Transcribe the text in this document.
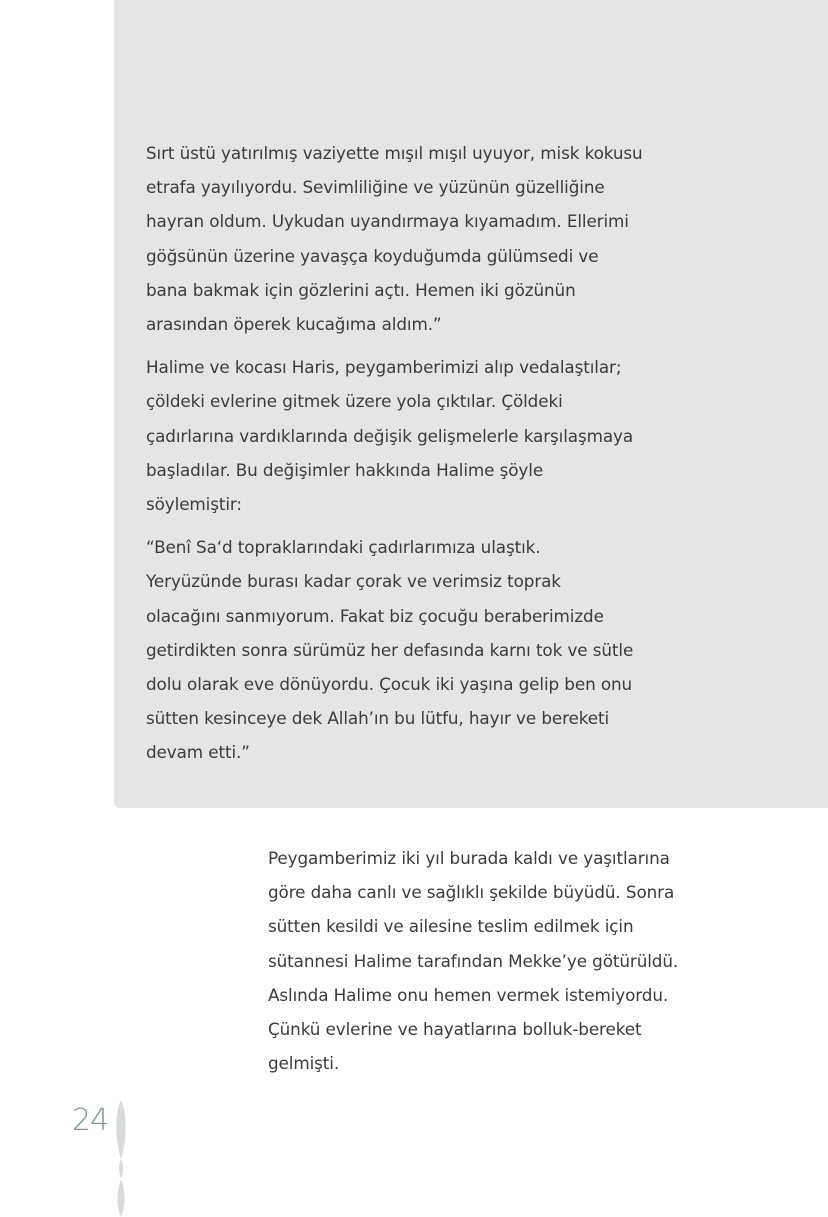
Sırt üstü yatırılmış vaziyette mışıl mışıl uyuyor, misk kokusu
etrafa yayılıyordu. Sevimliliğine ve yüzünün güzelliğine
hayran oldum. Uykudan uyandırmaya kıyamadım. Ellerimi
göğsünün üzerine yavaşça koyduğumda gülümsedi ve
bana bakmak için gözlerini açtı. Hemen iki gözünün
arasından öperek kucağıma aldım.”

Halime ve kocası Haris, peygamberimizi alıp vedalaştılar;
çöldeki evlerine gitmek üzere yola çıktılar. Çöldeki
çadırlarına vardıklarında değişik gelişmelerle karşılaşmaya
başladılar. Bu değişimler hakkında Halime şöyle
söylemiştir:

“Benî Sa‘d topraklarındaki çadırlarımıza ulaştık.
Yeryüzünde burası kadar çorak ve verimsiz toprak
olacağını sanmıyorum. Fakat biz çocuğu beraberimizde
getirdikten sonra sürümüz her defasında karnı tok ve sütle
dolu olarak eve dönüyordu. Çocuk iki yaşına gelip ben onu
sütten kesinceye dek Allah’ın bu lütfu, hayır ve bereketi
devam etti.”

Peygamberimiz iki yıl burada kaldı ve yaşıtlarına
göre daha canlı ve sağlıklı şekilde büyüdü. Sonra
sütten kesildi ve ailesine teslim edilmek için
sütannesi Halime tarafından Mekke’ye götürüldü.
Aslında Halime onu hemen vermek istemiyordu.
Çünkü evlerine ve hayatlarına bolluk-bereket
gelmişti.

24
